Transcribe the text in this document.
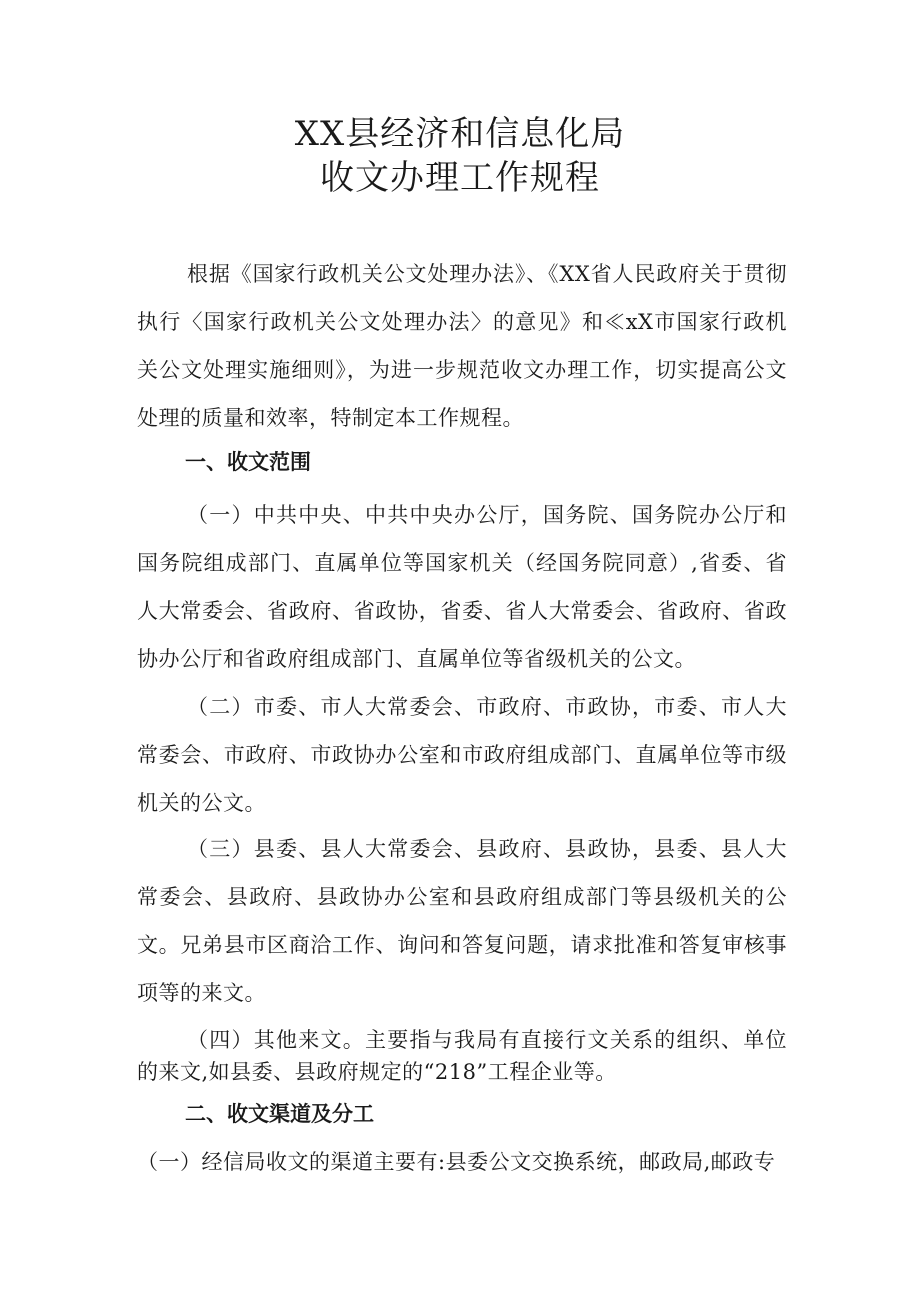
XX县经济和信息化局
收文办理工作规程

根据《国家行政机关公文处理办法》、《XX省人民政府关于贯彻执行〈国家行政机关公文处理办法〉的意见》和≪xX市国家行政机关公文处理实施细则》，为进一步规范收文办理工作，切实提高公文处理的质量和效率，特制定本工作规程。

一、收文范围

（一）中共中央、中共中央办公厅，国务院、国务院办公厅和国务院组成部门、直属单位等国家机关（经国务院同意）,省委、省人大常委会、省政府、省政协，省委、省人大常委会、省政府、省政协办公厅和省政府组成部门、直属单位等省级机关的公文。

（二）市委、市人大常委会、市政府、市政协，市委、市人大常委会、市政府、市政协办公室和市政府组成部门、直属单位等市级机关的公文。

（三）县委、县人大常委会、县政府、县政协，县委、县人大常委会、县政府、县政协办公室和县政府组成部门等县级机关的公文。兄弟县市区商洽工作、询问和答复问题，请求批准和答复审核事项等的来文。

（四）其他来文。主要指与我局有直接行文关系的组织、单位的来文,如县委、县政府规定的“218”工程企业等。

二、收文渠道及分工

（一）经信局收文的渠道主要有:县委公文交换系统，邮政局,邮政专
